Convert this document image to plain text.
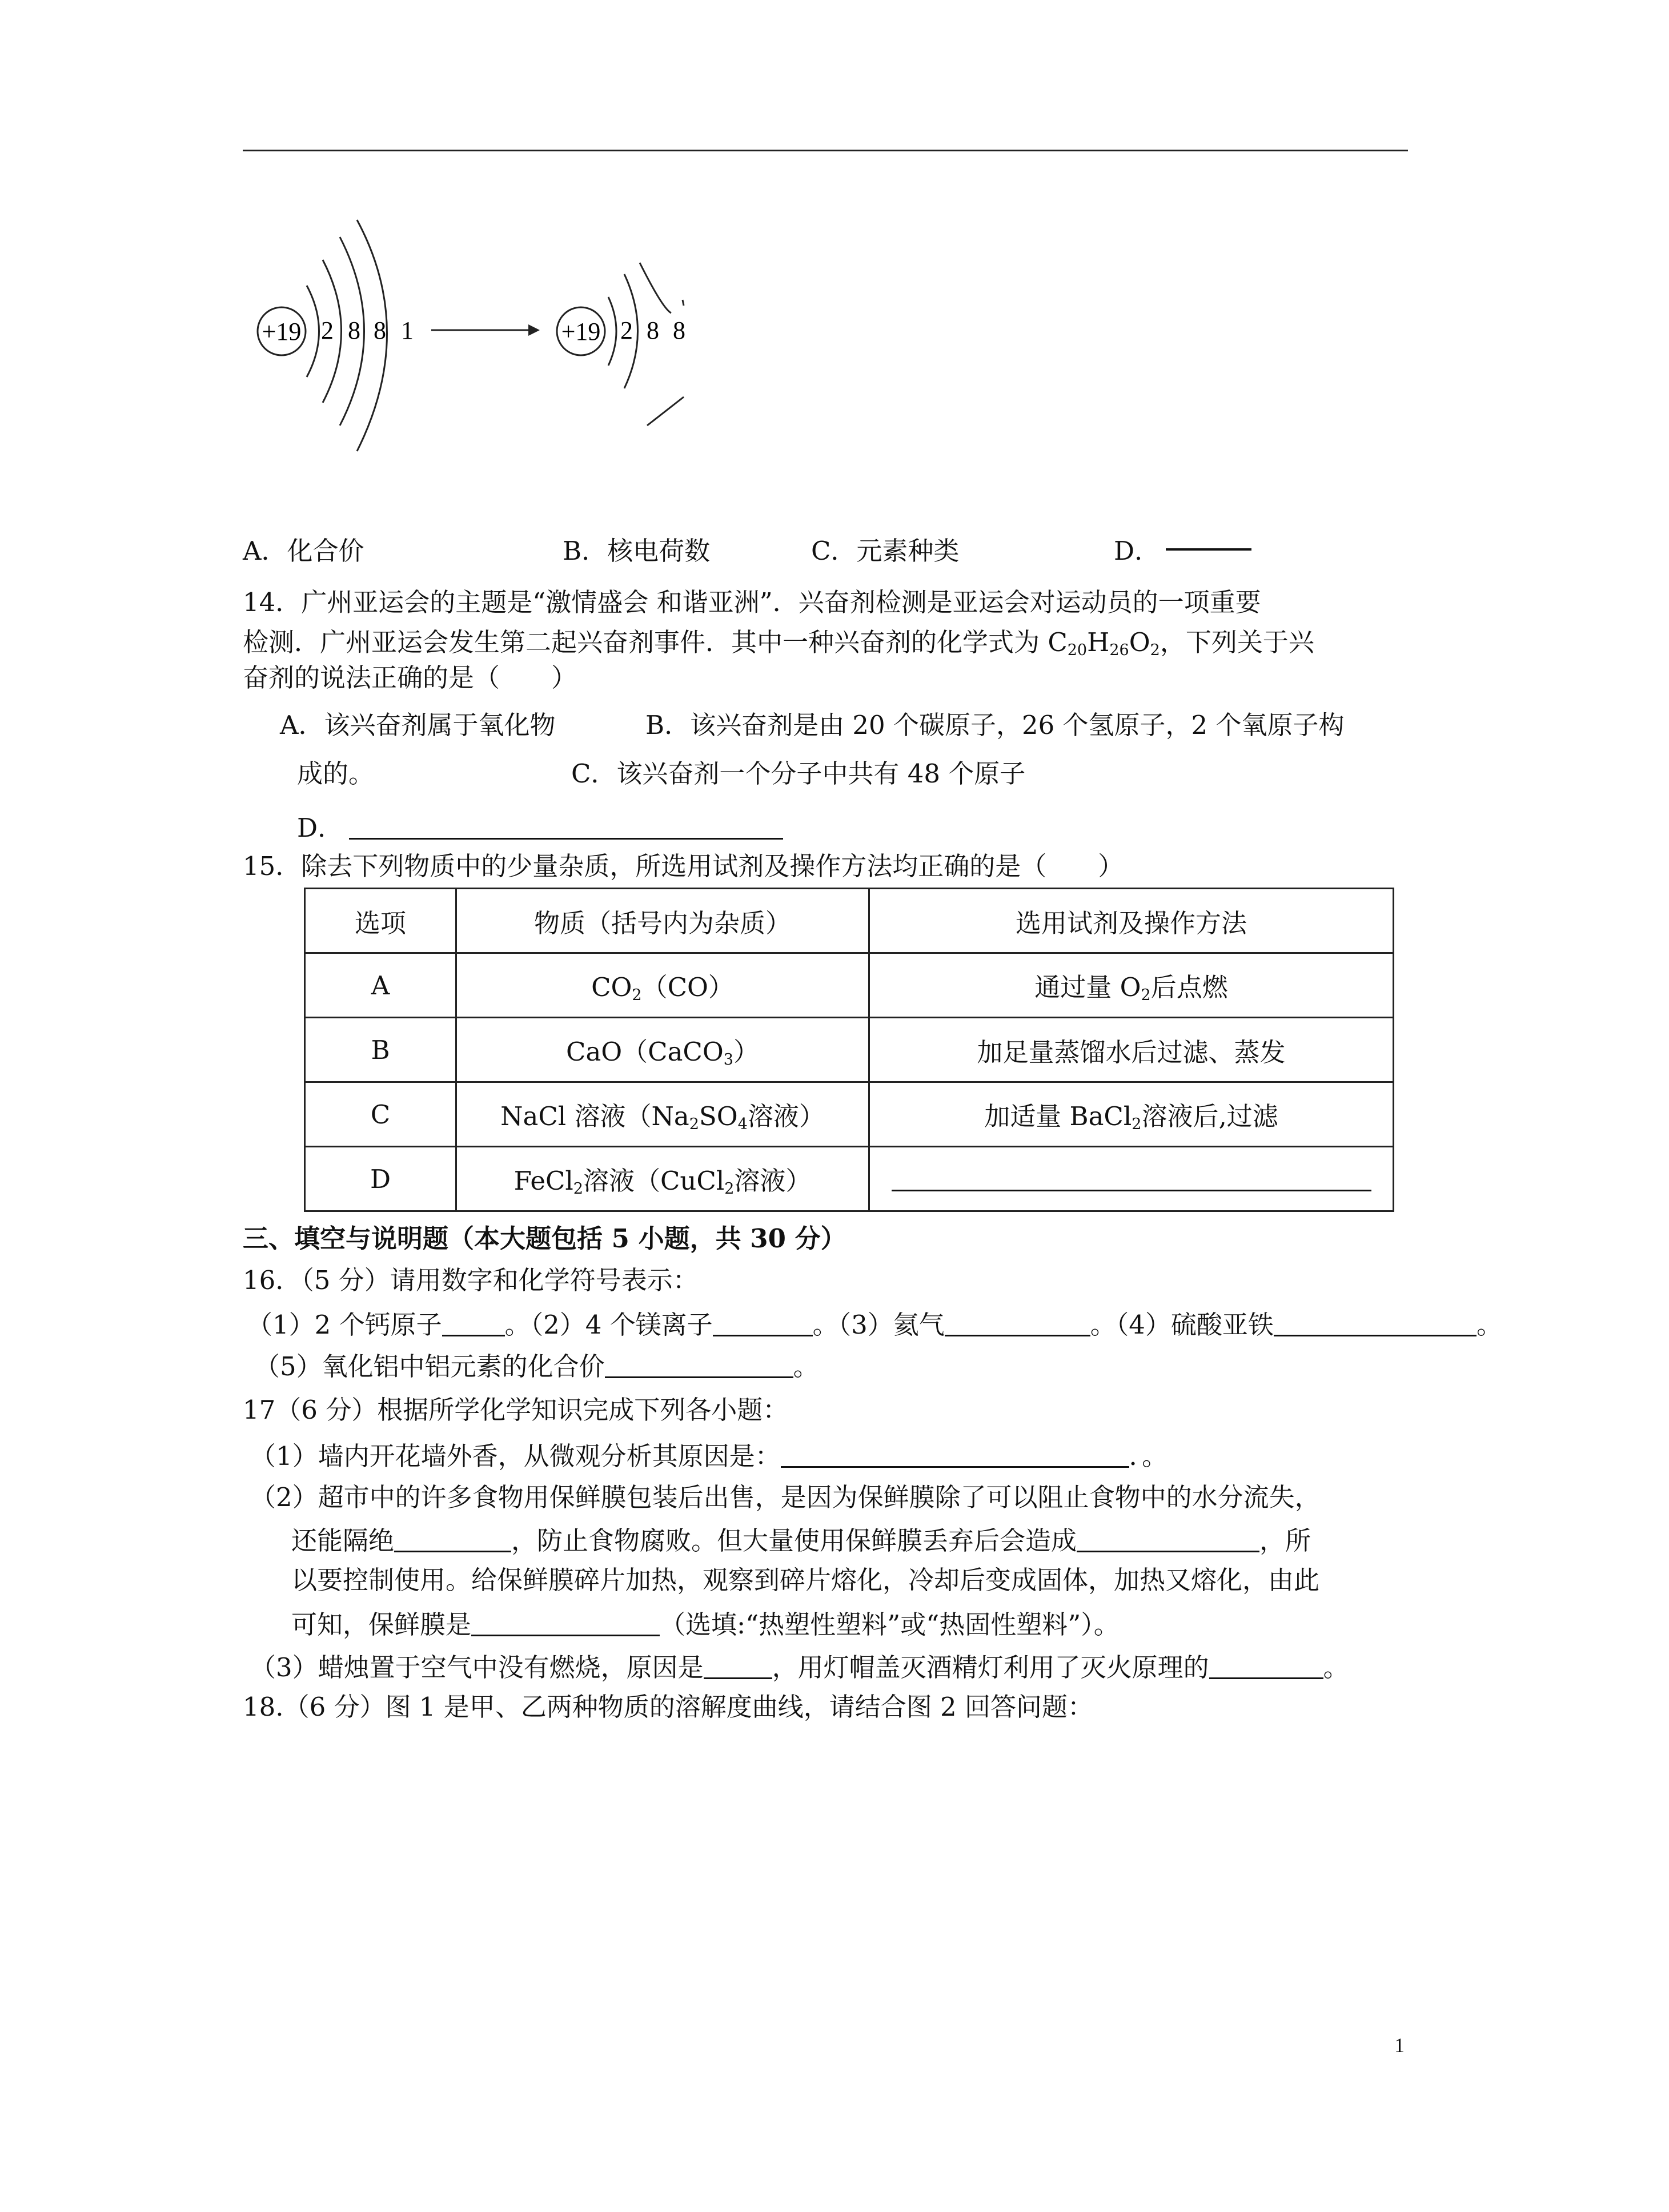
+19 2 8 8 1	+19 2 8 8
A．化合价	B．核电荷数	C．元素种类	D．
14．广州亚运会的主题是“激情盛会 和谐亚洲”．兴奋剂检测是亚运会对运动员的一项重要
检测．广州亚运会发生第二起兴奋剂事件．其中一种兴奋剂的化学式为 $C_{20}H_{26}O_2$，下列关于兴
奋剂的说法正确的是（　　）
A．该兴奋剂属于氧化物	B．该兴奋剂是由 20 个碳原子，26 个氢原子，2 个氧原子构
成的。	C．该兴奋剂一个分子中共有 48 个原子
D．
15．除去下列物质中的少量杂质，所选用试剂及操作方法均正确的是（　　）
选项	物质（括号内为杂质）	选用试剂及操作方法
A	$CO_2(CO)$	通过量 $O_2$后点燃
B	CaO（CaCO$_3$）	加足量蒸馏水后过滤、蒸发
C	NaCl 溶液（$Na_2SO_4$溶液）	加适量 BaCl$_2$溶液后,过滤
D	FeCl$_2$溶液（CuCl$_2$溶液）	
三、填空与说明题（本大题包括 5 小题，共 30 分）
16．（5 分）请用数字和化学符号表示：
（1）2 个钙原子 。（2）4 个镁离子	。（3）氦气	。（4）硫酸亚铁	。
（5）氧化铝中铝元素的化合价	。
17（6 分）根据所学化学知识完成下列各小题：
（1）墙内开花墙外香，从微观分析其原因是：	．。
（2）超市中的许多食物用保鲜膜包装后出售，是因为保鲜膜除了可以阻止食物中的水分流失，
还能隔绝	，防止食物腐败。但大量使用保鲜膜丢弃后会造成	，所
以要控制使用。给保鲜膜碎片加热，观察到碎片熔化，冷却后变成固体，加热又熔化，由此
可知，保鲜膜是	（选填:“热塑性塑料”或“热固性塑料”）。
（3）蜡烛置于空气中没有燃烧，原因是	，用灯帽盖灭酒精灯利用了灭火原理的	。
18.（6 分）图 1 是甲、乙两种物质的溶解度曲线，请结合图 2 回答问题：
1
